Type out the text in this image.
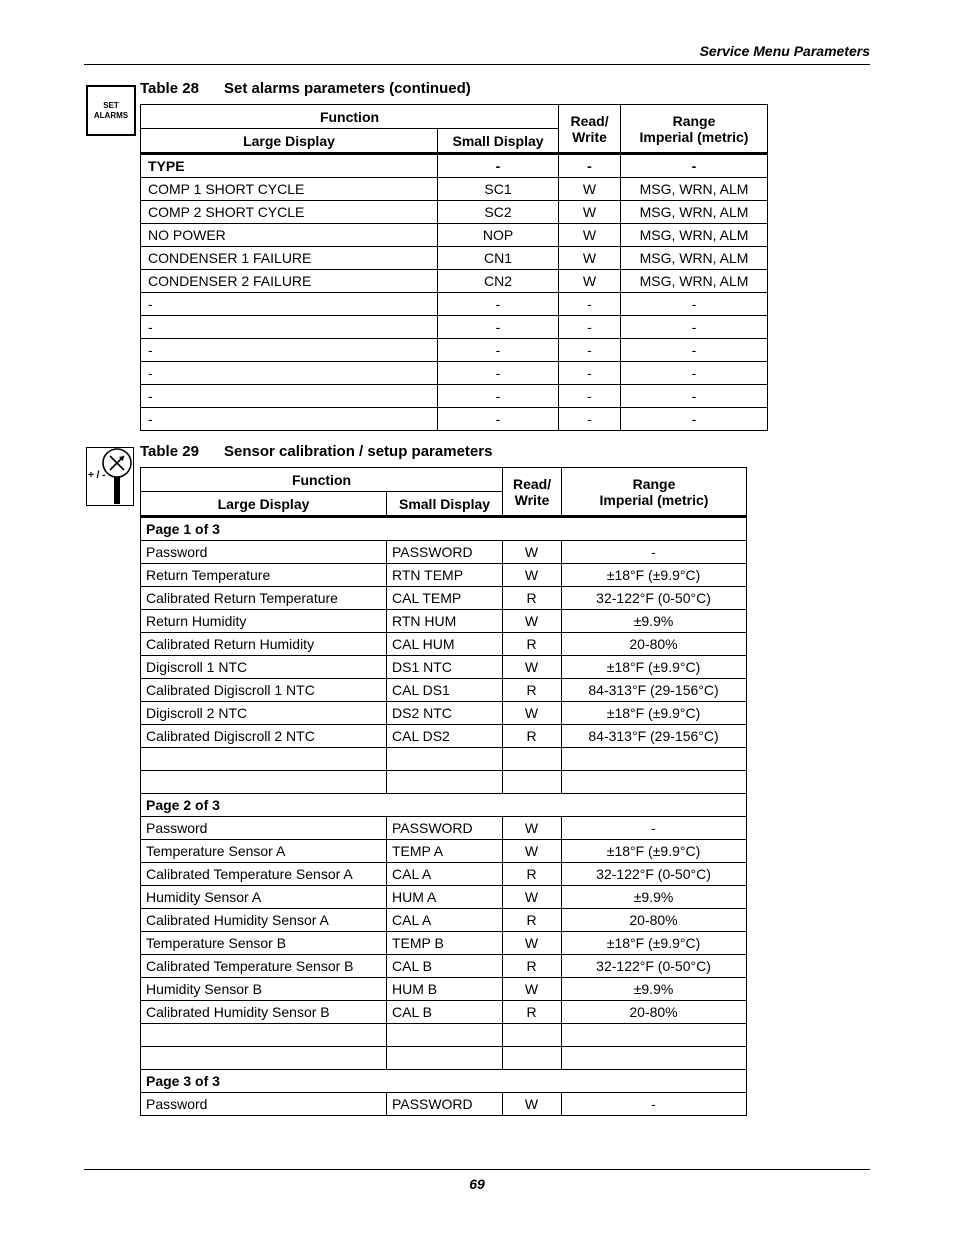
Service Menu Parameters
SET
ALARMS
Table 28 Set alarms parameters (continued)
Function		Read/
Write	Range
Imperial (metric)
Large Display	Small Display		
TYPE	-	-	-
COMP 1 SHORT CYCLE	SC1	W	MSG, WRN, ALM
COMP 2 SHORT CYCLE	SC2	W	MSG, WRN, ALM
NO POWER	NOP	W	MSG, WRN, ALM
CONDENSER 1 FAILURE	CN1	W	MSG, WRN, ALM
CONDENSER 2 FAILURE	CN2	W	MSG, WRN, ALM
-	-	-	-
-	-	-	-
-	-	-	-
-	-	-	-
-	-	-	-
-	-	-	-
+ / -
Table 29 Sensor calibration / setup parameters
Function		Read/
Write	Range
Imperial (metric)
Large Display	Small Display		
Page 1 of 3			
Password	PASSWORD	W	-
Return Temperature	RTN TEMP	W	±18°F (±9.9°C)
Calibrated Return Temperature	CAL TEMP	R	32-122°F (0-50°C)
Return Humidity	RTN HUM	W	±9.9%
Calibrated Return Humidity	CAL HUM	R	20-80%
Digiscroll 1 NTC	DS1 NTC	W	±18°F (±9.9°C)
Calibrated Digiscroll 1 NTC	CAL DS1	R	84-313°F (29-156°C)
Digiscroll 2 NTC	DS2 NTC	W	±18°F (±9.9°C)
Calibrated Digiscroll 2 NTC	CAL DS2	R	84-313°F (29-156°C)

Page 2 of 3			
Password	PASSWORD	W	-
Temperature Sensor A	TEMP A	W	±18°F (±9.9°C)
Calibrated Temperature Sensor A	CAL A	R	32-122°F (0-50°C)
Humidity Sensor A	HUM A	W	±9.9%
Calibrated Humidity Sensor A	CAL A	R	20-80%
Temperature Sensor B	TEMP B	W	±18°F (±9.9°C)
Calibrated Temperature Sensor B	CAL B	R	32-122°F (0-50°C)
Humidity Sensor B	HUM B	W	±9.9%
Calibrated Humidity Sensor B	CAL B	R	20-80%

Page 3 of 3			
Password	PASSWORD	W	-
69
